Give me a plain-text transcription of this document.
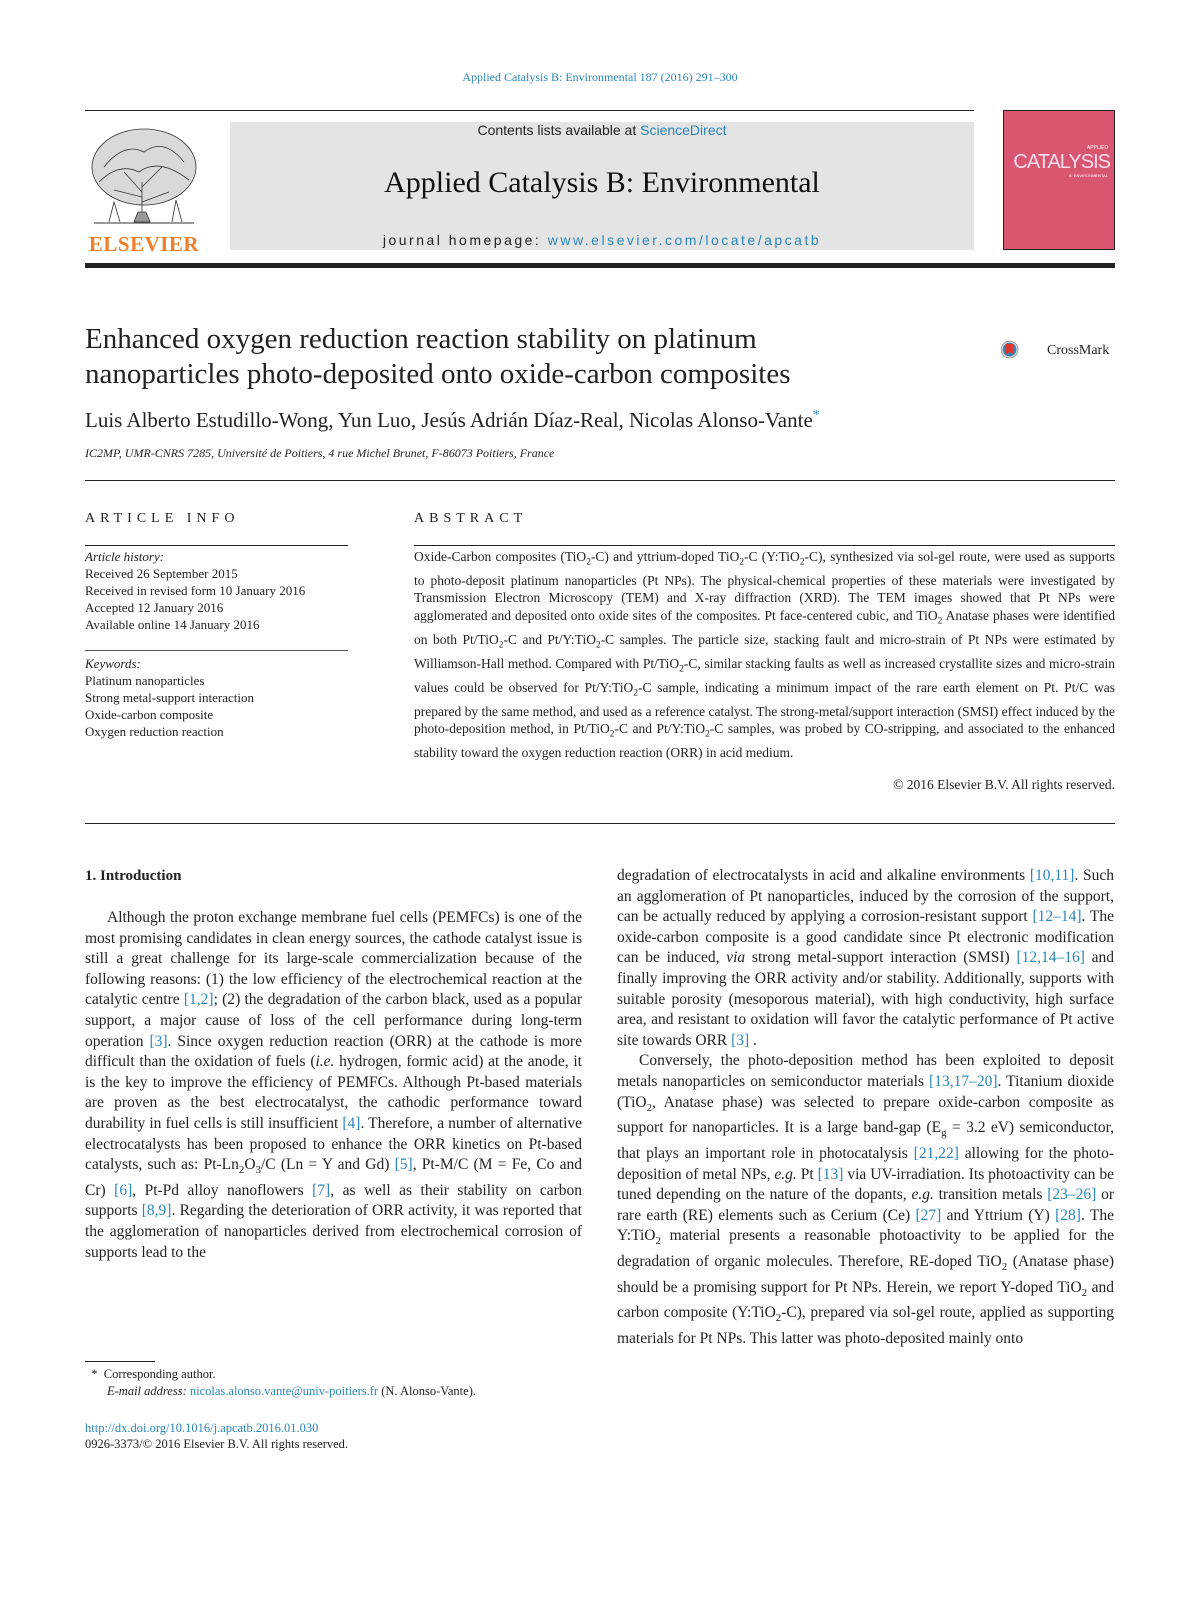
Applied Catalysis B: Environmental 187 (2016) 291–300
ELSEVIER
Contents lists available at ScienceDirect
Applied Catalysis B: Environmental
journal homepage: www.elsevier.com/locate/apcatb
APPLIED
CATALYSIS
B: ENVIRONMENTAL
Enhanced oxygen reduction reaction stability on platinum
nanoparticles photo-deposited onto oxide-carbon composites
CrossMark
Luis Alberto Estudillo-Wong, Yun Luo, Jesús Adrián Díaz-Real, Nicolas Alonso-Vante*
IC2MP, UMR-CNRS 7285, Université de Poitiers, 4 rue Michel Brunet, F-86073 Poitiers, France
ARTICLE INFO	ABSTRACT
Article history:
Received 26 September 2015
Received in revised form 10 January 2016
Accepted 12 January 2016
Available online 14 January 2016
Keywords:
Platinum nanoparticles
Strong metal-support interaction
Oxide-carbon composite
Oxygen reduction reaction
Oxide-Carbon composites (TiO$_2$-C) and yttrium-doped TiO$_2$-C (Y:TiO$_2$-C), synthesized via sol-gel route, were used as supports to photo-deposit platinum nanoparticles (Pt NPs). The physical-chemical properties of these materials were investigated by Transmission Electron Microscopy (TEM) and X-ray diffraction (XRD). The TEM images showed that Pt NPs were agglomerated and deposited onto oxide sites of the composites. Pt face-centered cubic, and TiO$_2$ Anatase phases were identified on both Pt/TiO$_2$-C and Pt/Y:TiO$_2$-C samples. The particle size, stacking fault and micro-strain of Pt NPs were estimated by Williamson-Hall method. Compared with Pt/TiO$_2$-C, similar stacking faults as well as increased crystallite sizes and micro-strain values could be observed for Pt/Y:TiO$_2$-C sample, indicating a minimum impact of the rare earth element on Pt. Pt/C was prepared by the same method, and used as a reference catalyst. The strong-metal/support interaction (SMSI) effect induced by the photo-deposition method, in Pt/TiO$_2$-C and Pt/Y:TiO$_2$-C samples, was probed by CO-stripping, and associated to the enhanced stability toward the oxygen reduction reaction (ORR) in acid medium.
© 2016 Elsevier B.V. All rights reserved.
1. Introduction
Although the proton exchange membrane fuel cells (PEMFCs) is one of the most promising candidates in clean energy sources, the cathode catalyst issue is still a great challenge for its large-scale commercialization because of the following reasons: (1) the low efficiency of the electrochemical reaction at the catalytic centre [1,2]; (2) the degradation of the carbon black, used as a popular support, a major cause of loss of the cell performance during long-term operation [3]. Since oxygen reduction reaction (ORR) at the cathode is more difficult than the oxidation of fuels (i.e. hydrogen, formic acid) at the anode, it is the key to improve the efficiency of PEMFCs. Although Pt-based materials are proven as the best electrocatalyst, the cathodic performance toward durability in fuel cells is still insufficient [4]. Therefore, a number of alternative electrocatalysts has been proposed to enhance the ORR kinetics on Pt-based catalysts, such as: $Pt-Ln_2O_3/C$ (Ln = Y and Gd) [5], Pt-M/C (M = Fe, Co and Cr) [6], Pt-Pd alloy nanoflowers [7], as well as their stability on carbon supports [8,9]. Regarding the deterioration of ORR activity, it was reported that the agglomeration of nanoparticles derived from electrochemical corrosion of supports lead to the

degradation of electrocatalysts in acid and alkaline environments [10,11]. Such an agglomeration of Pt nanoparticles, induced by the corrosion of the support, can be actually reduced by applying a corrosion-resistant support [12–14]. The oxide-carbon composite is a good candidate since Pt electronic modification can be induced, via strong metal-support interaction (SMSI) [12,14–16] and finally improving the ORR activity and/or stability. Additionally, supports with suitable porosity (mesoporous material), with high conductivity, high surface area, and resistant to oxidation will favor the catalytic performance of Pt active site towards ORR [3] .

Conversely, the photo-deposition method has been exploited to deposit metals nanoparticles on semiconductor materials [13,17–20]. Titanium dioxide (TiO$_2$, Anatase phase) was selected to prepare oxide-carbon composite as support for nanoparticles. It is a large band-gap ($E_g = 3.2$ eV) semiconductor, that plays an important role in photocatalysis [21,22] allowing for the photo-deposition of metal NPs, e.g. Pt [13] via UV-irradiation. Its photoactivity can be tuned depending on the nature of the dopants, e.g. transition metals [23–26] or rare earth (RE) elements such as Cerium (Ce) [27] and Yttrium (Y) [28]. The Y:TiO$_2$ material presents a reasonable photoactivity to be applied for the degradation of organic molecules. Therefore, RE-doped TiO$_2$ (Anatase phase) should be a promising support for Pt NPs. Herein, we report Y-doped TiO$_2$ and carbon composite (Y:TiO$_2$-C), prepared via sol-gel route, applied as supporting materials for Pt NPs. This latter was photo-deposited mainly onto

* Corresponding author.
E-mail address: nicolas.alonso.vante@univ-poitiers.fr (N. Alonso-Vante).
http://dx.doi.org/10.1016/j.apcatb.2016.01.030
0926-3373/© 2016 Elsevier B.V. All rights reserved.
